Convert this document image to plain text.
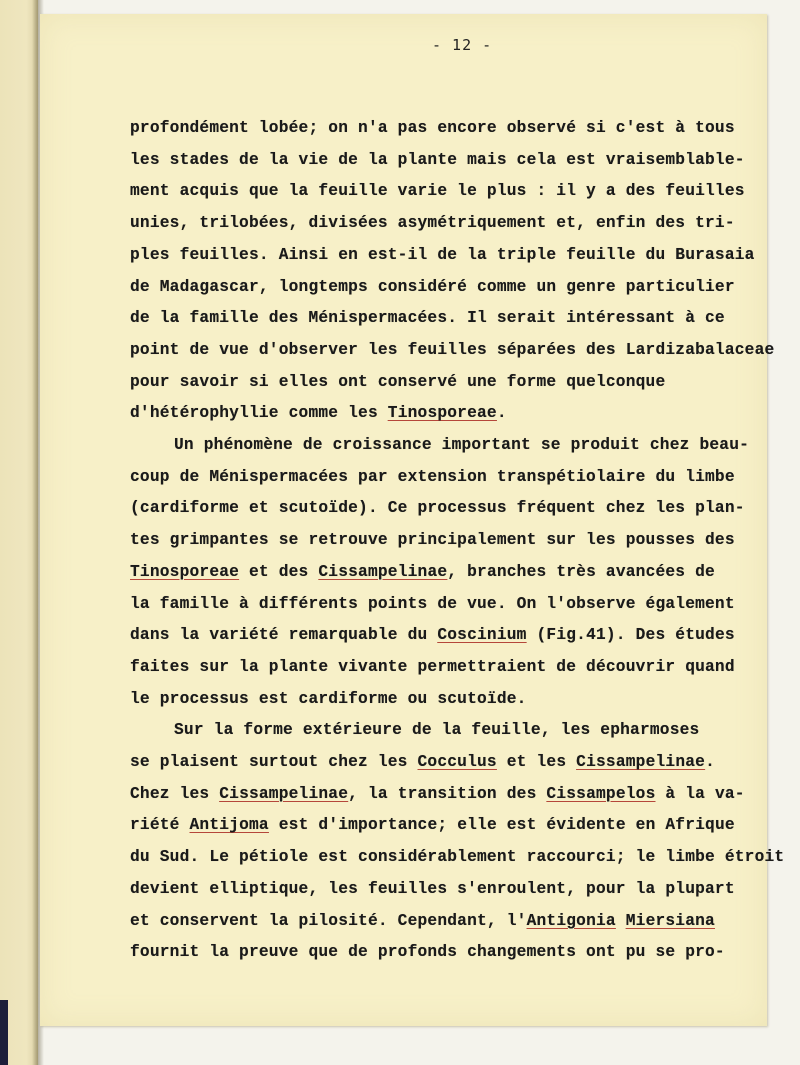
- 12 -
profondément lobée; on n'a pas encore observé si c'est à tous
les stades de la vie de la plante mais cela est vraisemblable-
ment acquis que la feuille varie le plus : il y a des feuilles
unies, trilobées, divisées asymétriquement et, enfin des tri-
ples feuilles. Ainsi en est-il de la triple feuille du Burasaia
de Madagascar, longtemps considéré comme un genre particulier
de la famille des Ménispermacées. Il serait intéressant à ce
point de vue d'observer les feuilles séparées des Lardizabalaceae
pour savoir si elles ont conservé une forme quelconque
d'hétérophyllie comme les Tinosporeae.
Un phénomène de croissance important se produit chez beau-
coup de Ménispermacées par extension transpétiolaire du limbe
(cardiforme et scutoïde). Ce processus fréquent chez les plan-
tes grimpantes se retrouve principalement sur les pousses des
Tinosporeae et des Cissampelinae, branches très avancées de
la famille à différents points de vue. On l'observe également
dans la variété remarquable du Coscinium (Fig.41). Des études
faites sur la plante vivante permettraient de découvrir quand
le processus est cardiforme ou scutoïde.
Sur la forme extérieure de la feuille, les epharmoses
se plaisent surtout chez les Cocculus et les Cissampelinae.
Chez les Cissampelinae, la transition des Cissampelos à la va-
riété Antijoma est d'importance; elle est évidente en Afrique
du Sud. Le pétiole est considérablement raccourci; le limbe étroit
devient elliptique, les feuilles s'enroulent, pour la plupart
et conservent la pilosité. Cependant, l'Antigonia Miersiana
fournit la preuve que de profonds changements ont pu se pro-
